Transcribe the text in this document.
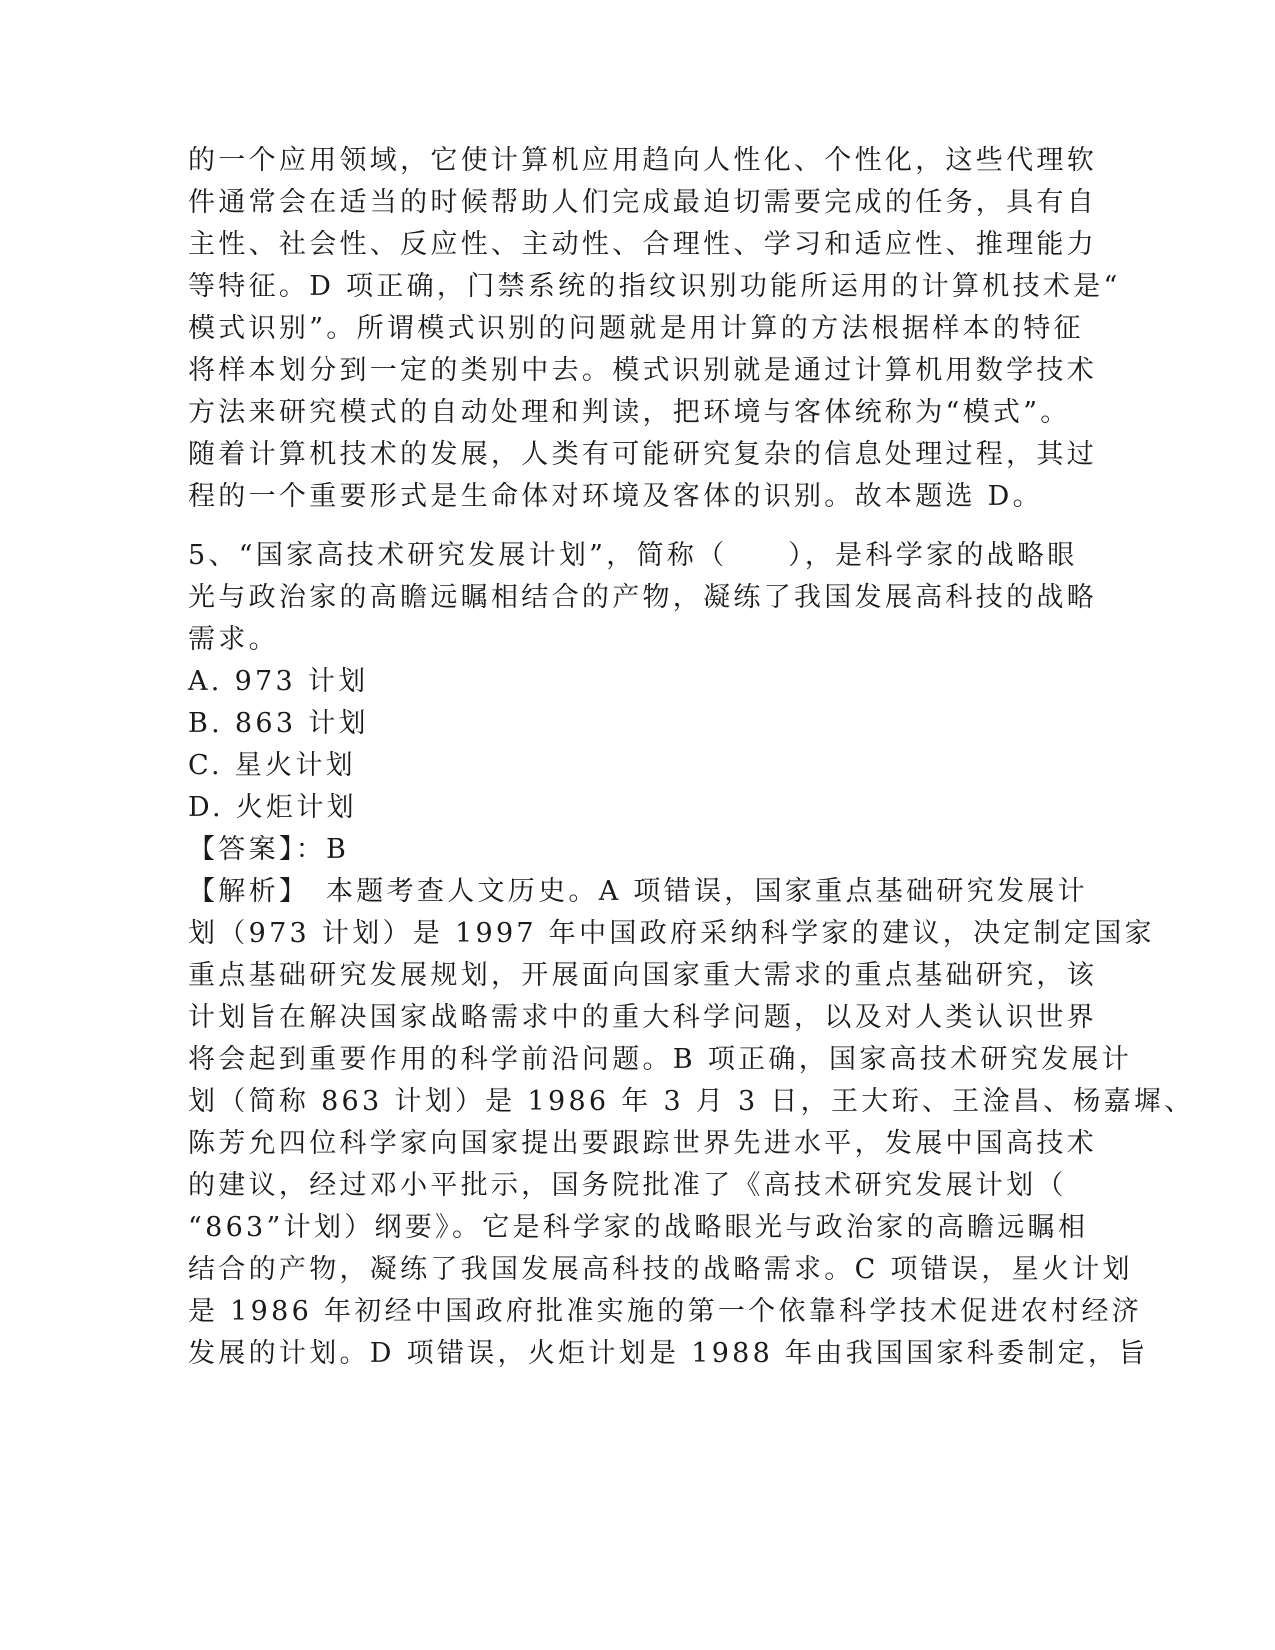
的一个应用领域，它使计算机应用趋向人性化、个性化，这些代理软
件通常会在适当的时候帮助人们完成最迫切需要完成的任务，具有自
主性、社会性、反应性、主动性、合理性、学习和适应性、推理能力
等特征。D 项正确，门禁系统的指纹识别功能所运用的计算机技术是“
模式识别”。所谓模式识别的问题就是用计算的方法根据样本的特征
将样本划分到一定的类别中去。模式识别就是通过计算机用数学技术
方法来研究模式的自动处理和判读，把环境与客体统称为“模式”。
随着计算机技术的发展，人类有可能研究复杂的信息处理过程，其过
程的一个重要形式是生命体对环境及客体的识别。故本题选 D。
5、“国家高技术研究发展计划”，简称（　　），是科学家的战略眼
光与政治家的高瞻远瞩相结合的产物，凝练了我国发展高科技的战略
需求。
A. 973 计划
B. 863 计划
C. 星火计划
D. 火炬计划
【答案】：B
【解析】　本题考查人文历史。A 项错误，国家重点基础研究发展计
划（973 计划）是 1997 年中国政府采纳科学家的建议，决定制定国家
重点基础研究发展规划，开展面向国家重大需求的重点基础研究，该
计划旨在解决国家战略需求中的重大科学问题，以及对人类认识世界
将会起到重要作用的科学前沿问题。B 项正确，国家高技术研究发展计
划（简称 863 计划）是 1986 年 3 月 3 日，王大珩、王淦昌、杨嘉墀、
陈芳允四位科学家向国家提出要跟踪世界先进水平，发展中国高技术
的建议，经过邓小平批示，国务院批准了《高技术研究发展计划（
“863”计划）纲要》。它是科学家的战略眼光与政治家的高瞻远瞩相
结合的产物，凝练了我国发展高科技的战略需求。C 项错误，星火计划
是 1986 年初经中国政府批准实施的第一个依靠科学技术促进农村经济
发展的计划。D 项错误，火炬计划是 1988 年由我国国家科委制定，旨
